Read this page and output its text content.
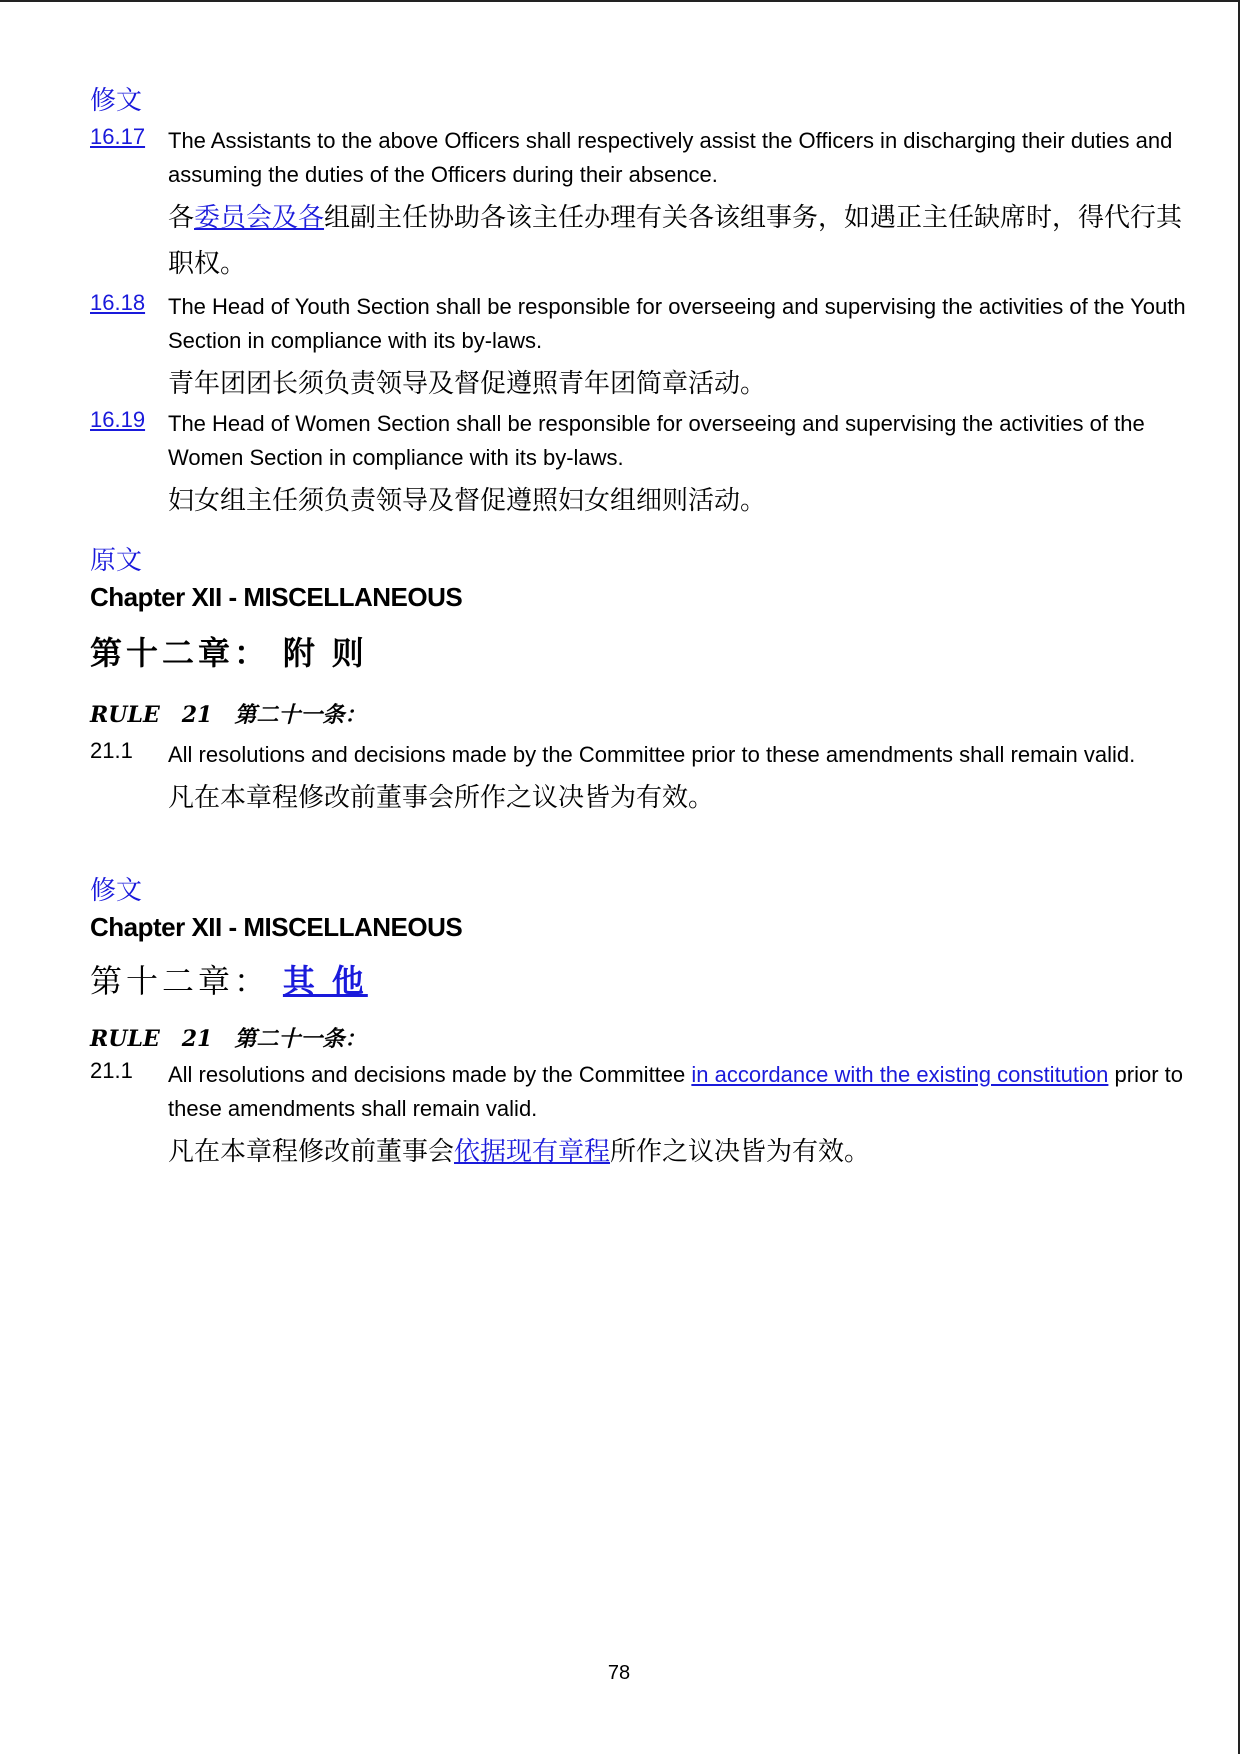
修文
16.17 The Assistants to the above Officers shall respectively assist the Officers in discharging their duties and assuming the duties of the Officers during their absence.
各委员会及各组副主任协助各该主任办理有关各该组事务，如遇正主任缺席时，得代行其职权。
16.18 The Head of Youth Section shall be responsible for overseeing and supervising the activities of the Youth Section in compliance with its by-laws.
青年团团长须负责领导及督促遵照青年团简章活动。
16.19 The Head of Women Section shall be responsible for overseeing and supervising the activities of the Women Section in compliance with its by-laws.
妇女组主任须负责领导及督促遵照妇女组细则活动。
原文
Chapter XII - MISCELLANEOUS
第十二章： 附 则
RULE 21 第二十一条：
21.1 All resolutions and decisions made by the Committee prior to these amendments shall remain valid.
凡在本章程修改前董事会所作之议决皆为有效。
修文
Chapter XII - MISCELLANEOUS
第十二章： 其 他
RULE 21 第二十一条：
21.1 All resolutions and decisions made by the Committee in accordance with the existing constitution prior to these amendments shall remain valid.
凡在本章程修改前董事会依据现有章程所作之议决皆为有效。
78
